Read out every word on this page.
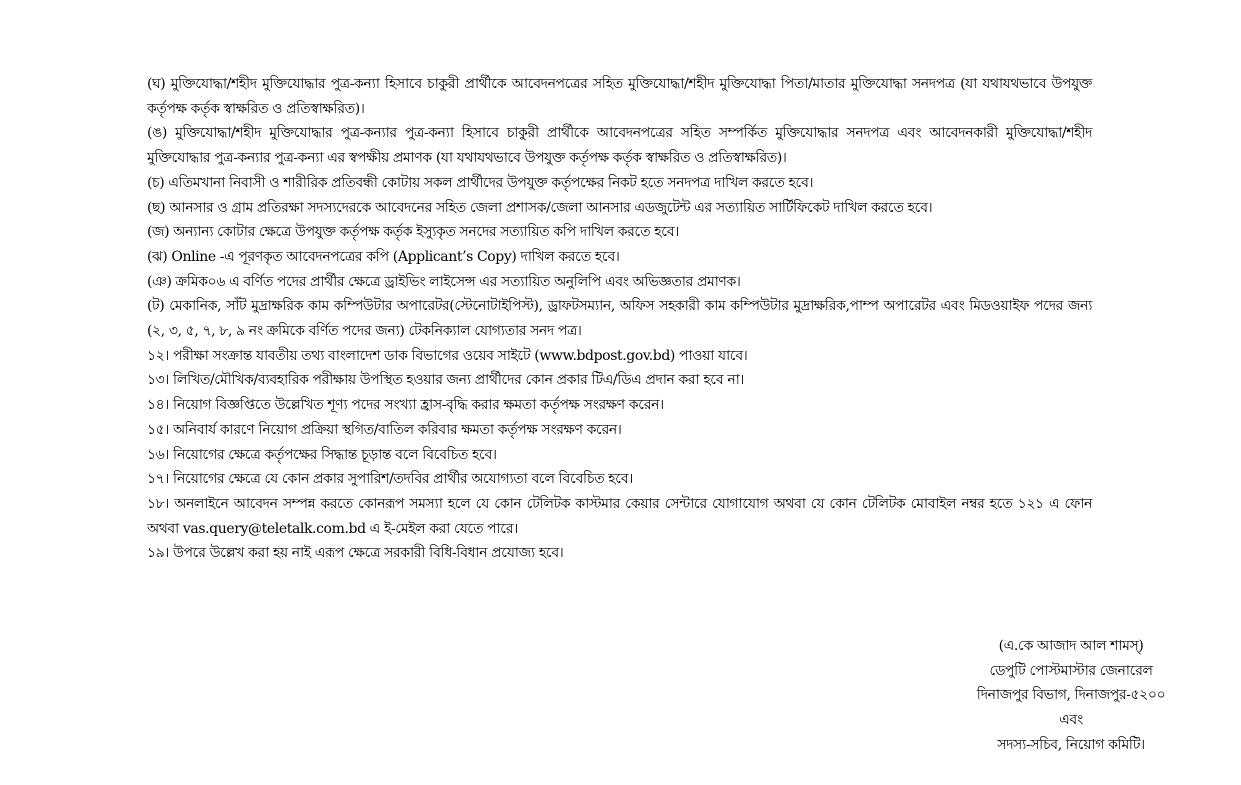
(ঘ) মুক্তিযোদ্ধা/শহীদ মুক্তিযোদ্ধার পুত্র-কন্যা হিসাবে চাকুরী প্রার্থীকে আবেদনপত্রের সহিত মুক্তিযোদ্ধা/শহীদ মুক্তিযোদ্ধা পিতা/মাতার মুক্তিযোদ্ধা সনদপত্র (যা যথাযথভাবে উপযুক্ত কর্তৃপক্ষ কর্তৃক স্বাক্ষরিত ও প্রতিস্বাক্ষরিত)।

(ঙ) মুক্তিযোদ্ধা/শহীদ মুক্তিযোদ্ধার পুত্র-কন্যার পুত্র-কন্যা হিসাবে চাকুরী প্রার্থীকে আবেদনপত্রের সহিত সম্পর্কিত মুক্তিযোদ্ধার সনদপত্র এবং আবেদনকারী মুক্তিযোদ্ধা/শহীদ মুক্তিযোদ্ধার পুত্র-কন্যার পুত্র-কন্যা এর স্বপক্ষীয় প্রমাণক (যা যথাযথভাবে উপযুক্ত কর্তৃপক্ষ কর্তৃক স্বাক্ষরিত ও প্রতিস্বাক্ষরিত)।

(চ) এতিমখানা নিবাসী ও শারীরিক প্রতিবন্ধী কোটায় সকল প্রার্থীদের উপযুক্ত কর্তৃপক্ষের নিকট হতে সনদপত্র দাখিল করতে হবে।

(ছ) আনসার ও গ্রাম প্রতিরক্ষা সদস্যদেরকে আবেদনের সহিত জেলা প্রশাসক/জেলা আনসার এডজুটেন্ট এর সত্যায়িত সার্টিফিকেট দাখিল করতে হবে।

(জ) অন্যান্য কোটার ক্ষেত্রে উপযুক্ত কর্তৃপক্ষ কর্তৃক ইস্যুকৃত সনদের সত্যায়িত কপি দাখিল করতে হবে।

(ঝ) Online -এ পূরণকৃত আবেদনপত্রের কপি (Applicant’s Copy) দাখিল করতে হবে।

(ঞ) ক্রমিক০৬ এ বর্ণিত পদের প্রার্থীর ক্ষেত্রে ড্রাইভিং লাইসেন্স এর সত্যায়িত অনুলিপি এবং অভিজ্ঞতার প্রমাণক।

(ট) মেকানিক, সাঁট মুদ্রাক্ষরিক কাম কম্পিউটার অপারেটর(স্টেনোটাইপিস্ট), ড্রাফটসম্যান, অফিস সহকারী কাম কম্পিউটার মুদ্রাক্ষরিক,পাম্প অপারেটর এবং মিডওয়াইফ পদের জন্য (২, ৩, ৫, ৭, ৮, ৯ নং ক্রমিকে বর্ণিত পদের জন্য) টেকনিক্যাল যোগ্যতার সনদ পত্র।

১২। পরীক্ষা সংক্রান্ত যাবতীয় তথ্য বাংলাদেশ ডাক বিভাগের ওয়েব সাইটে (www.bdpost.gov.bd) পাওয়া যাবে।

১৩। লিখিত/মৌখিক/ব্যবহারিক পরীক্ষায় উপস্থিত হওয়ার জন্য প্রার্থীদের কোন প্রকার টিএ/ডিএ প্রদান করা হবে না।

১৪। নিয়োগ বিজ্ঞপ্তিতে উল্লেখিত শূণ্য পদের সংখ্যা হ্রাস-বৃদ্ধি করার ক্ষমতা কর্তৃপক্ষ সংরক্ষণ করেন।

১৫। অনিবার্য কারণে নিয়োগ প্রক্রিয়া স্থগিত/বাতিল করিবার ক্ষমতা কর্তৃপক্ষ সংরক্ষণ করেন।

১৬। নিয়োগের ক্ষেত্রে কর্তৃপক্ষের সিদ্ধান্ত চূড়ান্ত বলে বিবেচিত হবে।

১৭। নিয়োগের ক্ষেত্রে যে কোন প্রকার সুপারিশ/তদবির প্রার্থীর অযোগ্যতা বলে বিবেচিত হবে।

১৮। অনলাইনে আবেদন সম্পন্ন করতে কোনরূপ সমস্যা হলে যে কোন টেলিটক কাস্টমার কেয়ার সেন্টারে যোগাযোগ অথবা যে কোন টেলিটক মোবাইল নম্বর হতে ১২১ এ ফোন অথবা vas.query@teletalk.com.bd এ ই-মেইল করা যেতে পারে।

১৯। উপরে উল্লেখ করা হয় নাই এরূপ ক্ষেত্রে সরকারী বিধি-বিধান প্রযোজ্য হবে।

(এ.কে আজাদ আল শামস্)
ডেপুটি পোস্টমাস্টার জেনারেল
দিনাজপুর বিভাগ, দিনাজপুর-৫২০০
এবং
সদস্য-সচিব, নিয়োগ কমিটি।
